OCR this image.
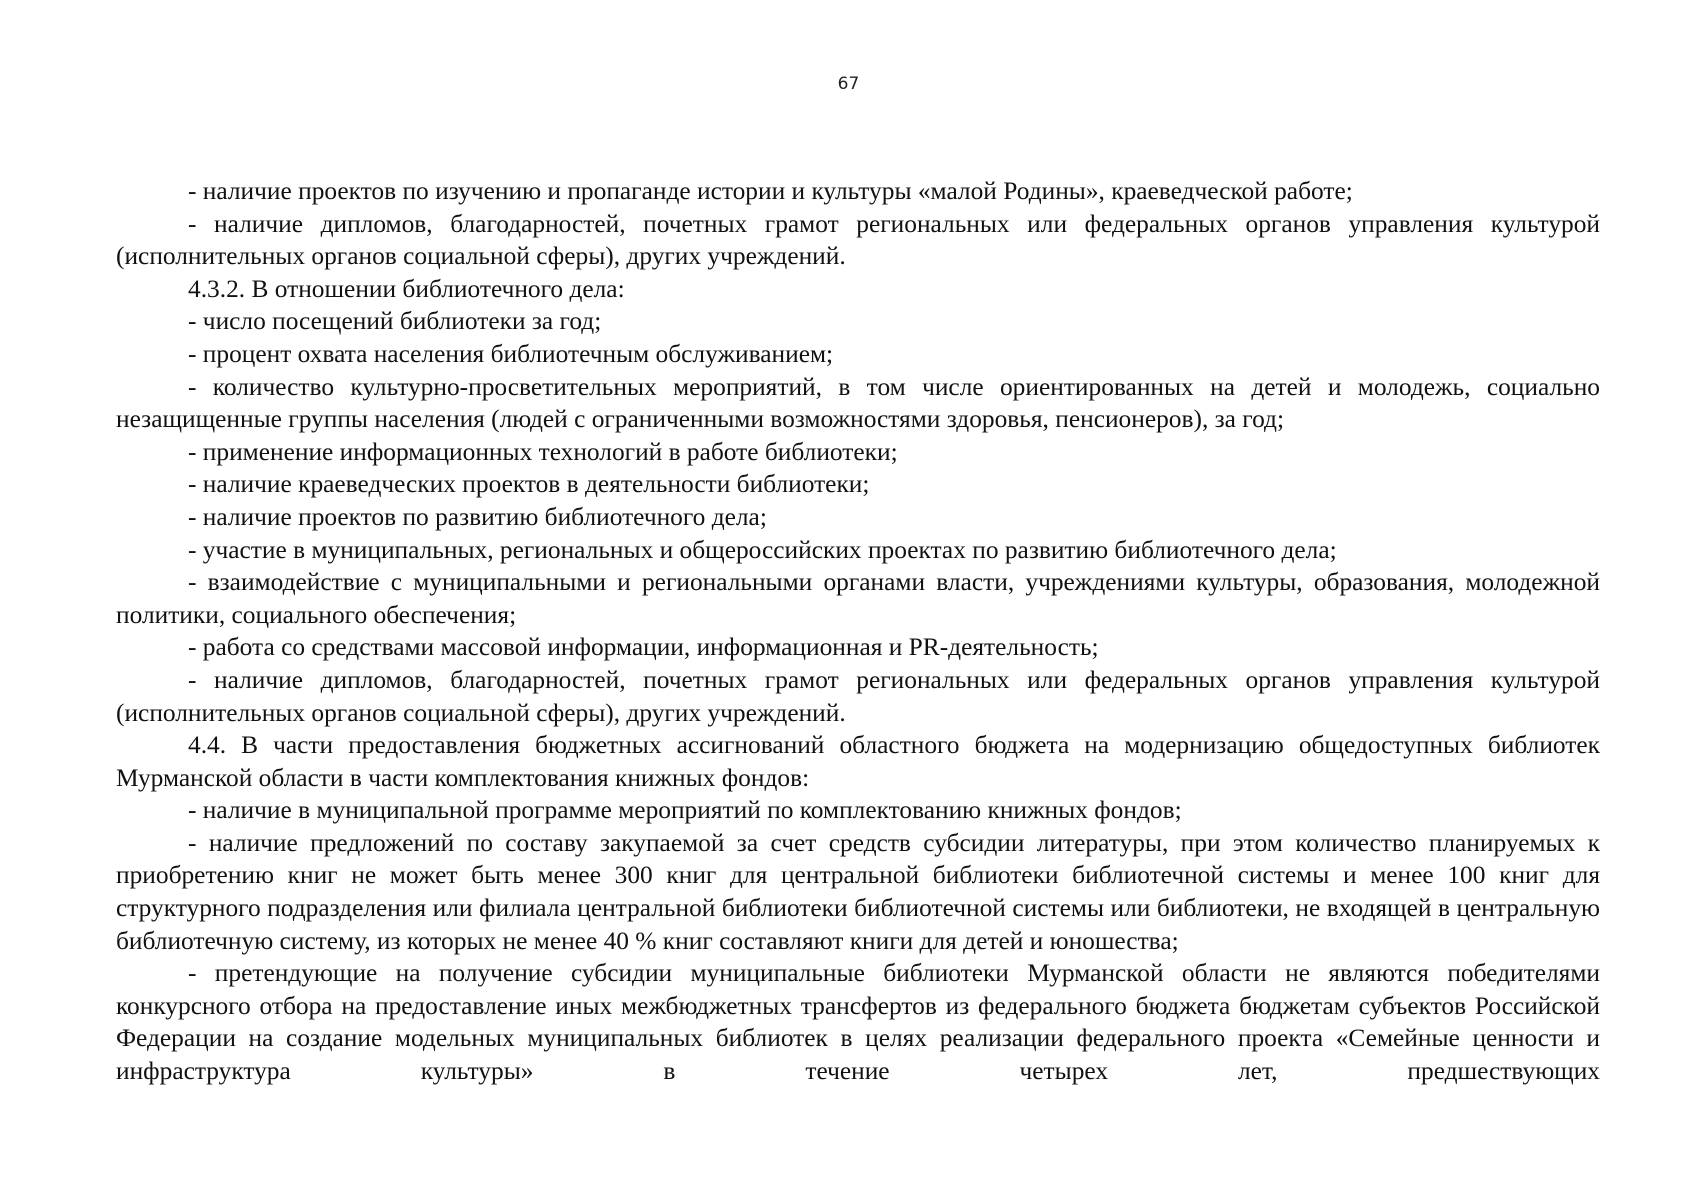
67

- наличие проектов по изучению и пропаганде истории и культуры «малой Родины», краеведческой работе;

- наличие дипломов, благодарностей, почетных грамот региональных или федеральных органов управления культурой (исполнительных органов социальной сферы), других учреждений.

4.3.2. В отношении библиотечного дела:

- число посещений библиотеки за год;

- процент охвата населения библиотечным обслуживанием;

- количество культурно-просветительных мероприятий, в том числе ориентированных на детей и молодежь, социально незащищенные группы населения (людей с ограниченными возможностями здоровья, пенсионеров), за год;

- применение информационных технологий в работе библиотеки;

- наличие краеведческих проектов в деятельности библиотеки;

- наличие проектов по развитию библиотечного дела;

- участие в муниципальных, региональных и общероссийских проектах по развитию библиотечного дела;

- взаимодействие с муниципальными и региональными органами власти, учреждениями культуры, образования, молодежной политики, социального обеспечения;

- работа со средствами массовой информации, информационная и PR-деятельность;

- наличие дипломов, благодарностей, почетных грамот региональных или федеральных органов управления культурой (исполнительных органов социальной сферы), других учреждений.

4.4. В части предоставления бюджетных ассигнований областного бюджета на модернизацию общедоступных библиотек Мурманской области в части комплектования книжных фондов:

- наличие в муниципальной программе мероприятий по комплектованию книжных фондов;

- наличие предложений по составу закупаемой за счет средств субсидии литературы, при этом количество планируемых к приобретению книг не может быть менее 300 книг для центральной библиотеки библиотечной системы и менее 100 книг для структурного подразделения или филиала центральной библиотеки библиотечной системы или библиотеки, не входящей в центральную библиотечную систему, из которых не менее 40 % книг составляют книги для детей и юношества;

- претендующие на получение субсидии муниципальные библиотеки Мурманской области не являются победителями конкурсного отбора на предоставление иных межбюджетных трансфертов из федерального бюджета бюджетам субъектов Российской Федерации на создание модельных муниципальных библиотек в целях реализации федерального проекта «Семейные ценности и инфраструктура культуры» в течение четырех лет, предшествующих
